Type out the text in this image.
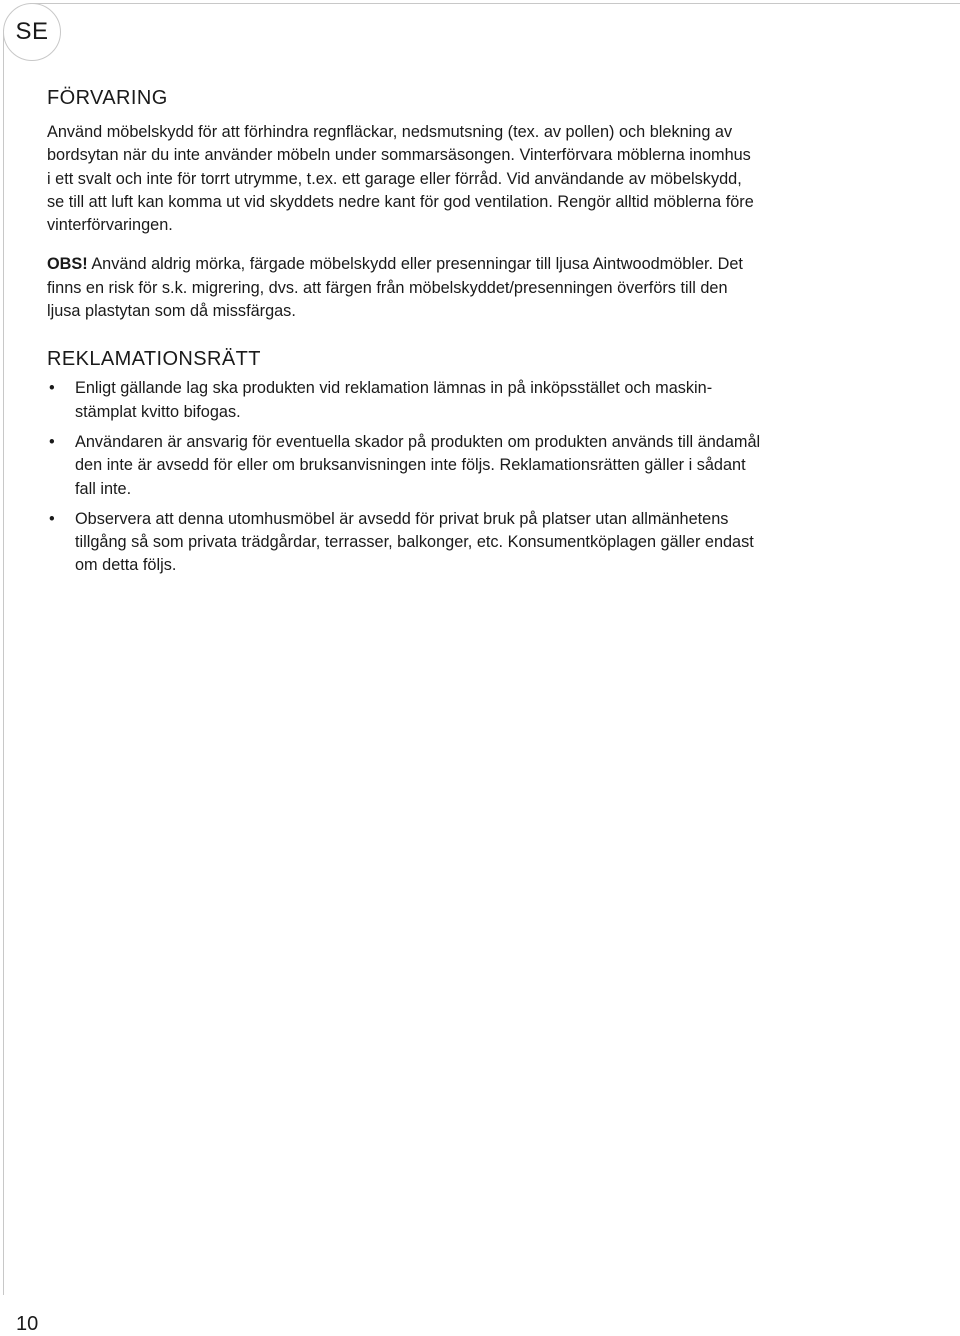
SE
FÖRVARING

Använd möbelskydd för att förhindra regnfläckar, nedsmutsning (tex. av pollen) och blekning av
bordsytan när du inte använder möbeln under sommarsäsongen. Vinterförvara möblerna inomhus
i ett svalt och inte för torrt utrymme, t.ex. ett garage eller förråd. Vid användande av möbelskydd,
se till att luft kan komma ut vid skyddets nedre kant för god ventilation. Rengör alltid möblerna före
vinterförvaringen.

OBS! Använd aldrig mörka, färgade möbelskydd eller presenningar till ljusa Aintwoodmöbler. Det
finns en risk för s.k. migrering, dvs. att färgen från möbelskyddet/presenningen överförs till den
ljusa plastytan som då missfärgas.

REKLAMATIONSRÄTT
• Enligt gällande lag ska produkten vid reklamation lämnas in på inköpsstället och maskin-
stämplat kvitto bifogas.
• Användaren är ansvarig för eventuella skador på produkten om produkten används till ändamål
den inte är avsedd för eller om bruksanvisningen inte följs. Reklamationsrätten gäller i sådant
fall inte.
• Observera att denna utomhusmöbel är avsedd för privat bruk på platser utan allmänhetens
tillgång så som privata trädgårdar, terrasser, balkonger, etc. Konsumentköplagen gäller endast
om detta följs.
10
